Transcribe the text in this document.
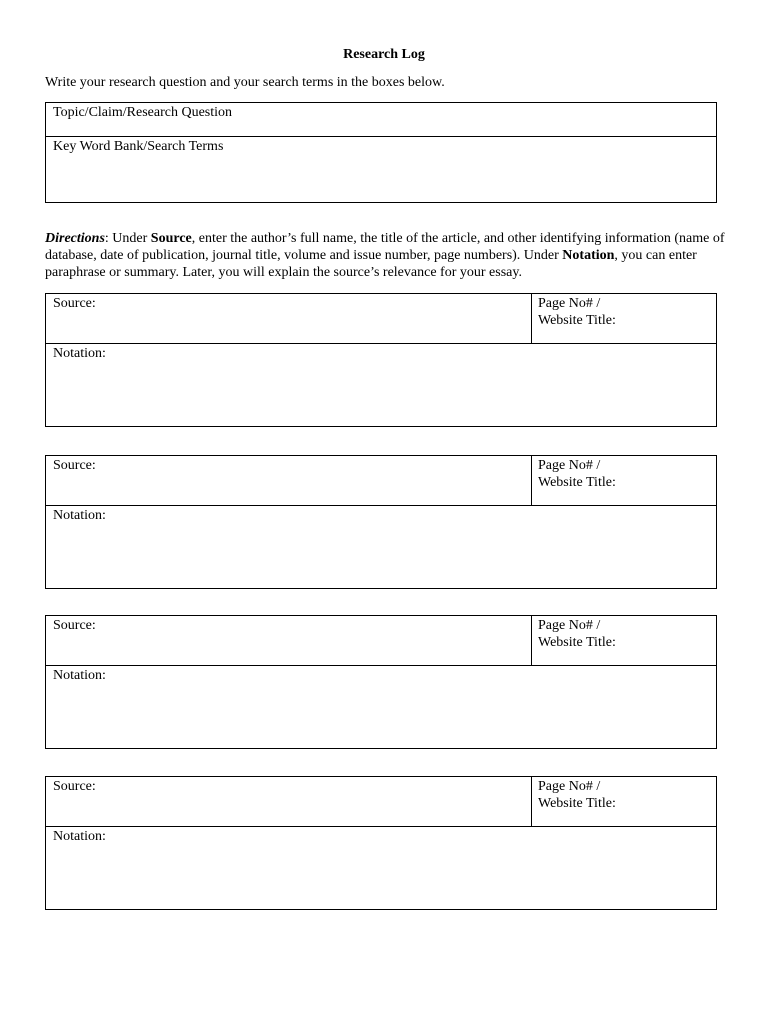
Research Log
Write your research question and your search terms in the boxes below.
Topic/Claim/Research Question
Key Word Bank/Search Terms
Directions: Under Source, enter the author’s full name, the title of the article, and other identifying information (name of database, date of publication, journal title, volume and issue number, page numbers). Under Notation, you can enter paraphrase or summary. Later, you will explain the source’s relevance for your essay.
Source:	Page No# /
Website Title:
Notation:
Source:	Page No# /
Website Title:
Notation:
Source:	Page No# /
Website Title:
Notation:
Source:	Page No# /
Website Title:
Notation:
